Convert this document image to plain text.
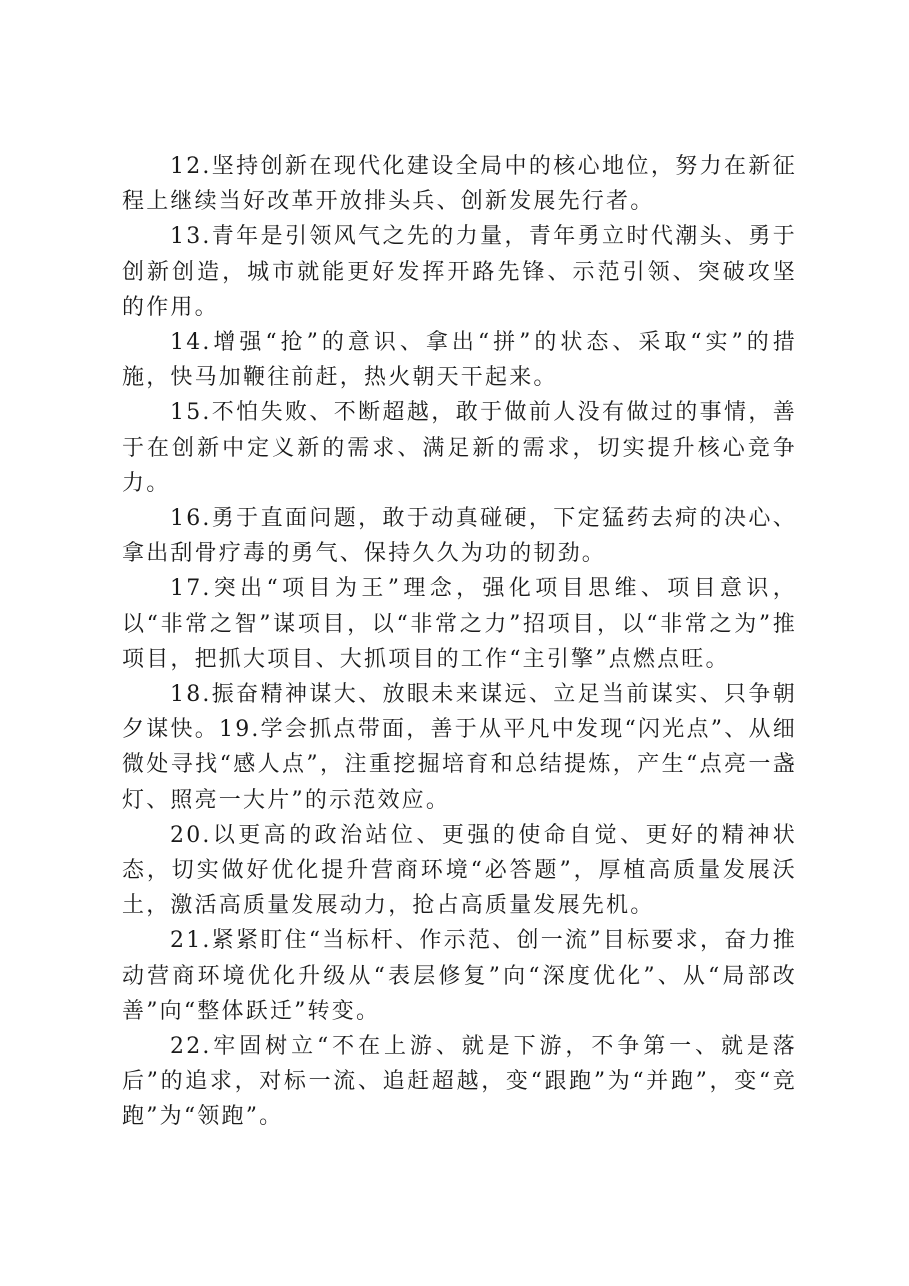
12.坚持创新在现代化建设全局中的核心地位，努力在新征程上继续当好改革开放排头兵、创新发展先行者。

13.青年是引领风气之先的力量，青年勇立时代潮头、勇于创新创造，城市就能更好发挥开路先锋、示范引领、突破攻坚的作用。

14.增强“抢”的意识、拿出“拼”的状态、采取“实”的措施，快马加鞭往前赶，热火朝天干起来。

15.不怕失败、不断超越，敢于做前人没有做过的事情，善于在创新中定义新的需求、满足新的需求，切实提升核心竞争力。

16.勇于直面问题，敢于动真碰硬，下定猛药去疴的决心、拿出刮骨疗毒的勇气、保持久久为功的韧劲。

17.突出“项目为王”理念，强化项目思维、项目意识，以“非常之智”谋项目，以“非常之力”招项目，以“非常之为”推项目，把抓大项目、大抓项目的工作“主引擎”点燃点旺。

18.振奋精神谋大、放眼未来谋远、立足当前谋实、只争朝夕谋快。19.学会抓点带面，善于从平凡中发现“闪光点”、从细微处寻找“感人点”，注重挖掘培育和总结提炼，产生“点亮一盏灯、照亮一大片”的示范效应。

20.以更高的政治站位、更强的使命自觉、更好的精神状态，切实做好优化提升营商环境“必答题”，厚植高质量发展沃土，激活高质量发展动力，抢占高质量发展先机。

21.紧紧盯住“当标杆、作示范、创一流”目标要求，奋力推动营商环境优化升级从“表层修复”向“深度优化”、从“局部改善”向“整体跃迁”转变。

22.牢固树立“不在上游、就是下游，不争第一、就是落后”的追求，对标一流、追赶超越，变“跟跑”为“并跑”，变“竞跑”为“领跑”。
